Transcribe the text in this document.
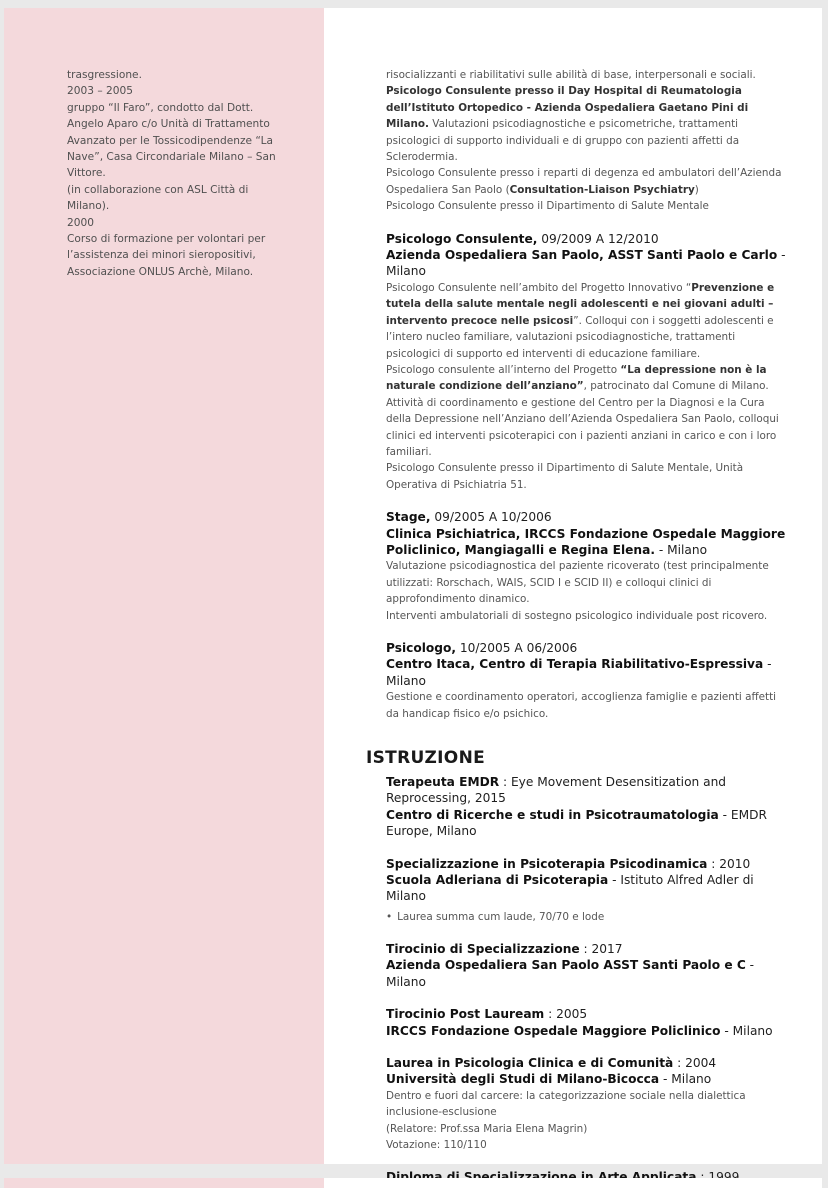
trasgressione.
2003 – 2005
gruppo “Il Faro”, condotto dal Dott.
Angelo Aparo c/o Unità di Trattamento
Avanzato per le Tossicodipendenze “La
Nave”, Casa Circondariale Milano – San
Vittore.
(in collaborazione con ASL Città di
Milano).
2000
Corso di formazione per volontari per
l’assistenza dei minori sieropositivi,
Associazione ONLUS Archè, Milano.
risocializzanti e riabilitativi sulle abilità di base, interpersonali e sociali.
Psicologo Consulente presso il Day Hospital di Reumatologia dell’Istituto Ortopedico - Azienda Ospedaliera Gaetano Pini di Milano. Valutazioni psicodiagnostiche e psicometriche, trattamenti psicologici di supporto individuali e di gruppo con pazienti affetti da Sclerodermia.
Psicologo Consulente presso i reparti di degenza ed ambulatori dell’Azienda Ospedaliera San Paolo (Consultation-Liaison Psychiatry)
Psicologo Consulente presso il Dipartimento di Salute Mentale
Psicologo Consulente, 09/2009 A 12/2010
Azienda Ospedaliera San Paolo, ASST Santi Paolo e Carlo - Milano
Psicologo Consulente nell’ambito del Progetto Innovativo “Prevenzione e tutela della salute mentale negli adolescenti e nei giovani adulti – intervento precoce nelle psicosi”. Colloqui con i soggetti adolescenti e l’intero nucleo familiare, valutazioni psicodiagnostiche, trattamenti psicologici di supporto ed interventi di educazione familiare.
Psicologo consulente all’interno del Progetto “La depressione non è la naturale condizione dell’anziano”, patrocinato dal Comune di Milano.
Attività di coordinamento e gestione del Centro per la Diagnosi e la Cura della Depressione nell’Anziano dell’Azienda Ospedaliera San Paolo, colloqui clinici ed interventi psicoterapici con i pazienti anziani in carico e con i loro familiari.
Psicologo Consulente presso il Dipartimento di Salute Mentale, Unità Operativa di Psichiatria 51.
Stage, 09/2005 A 10/2006
Clinica Psichiatrica, IRCCS Fondazione Ospedale Maggiore Policlinico, Mangiagalli e Regina Elena. - Milano
Valutazione psicodiagnostica del paziente ricoverato (test principalmente utilizzati: Rorschach, WAIS, SCID I e SCID II) e colloqui clinici di approfondimento dinamico.
Interventi ambulatoriali di sostegno psicologico individuale post ricovero.
Psicologo, 10/2005 A 06/2006
Centro Itaca, Centro di Terapia Riabilitativo-Espressiva - Milano
Gestione e coordinamento operatori, accoglienza famiglie e pazienti affetti da handicap fisico e/o psichico.
ISTRUZIONE
Terapeuta EMDR : Eye Movement Desensitization and Reprocessing, 2015
Centro di Ricerche e studi in Psicotraumatologia - EMDR Europe, Milano
Specializzazione in Psicoterapia Psicodinamica : 2010
Scuola Adleriana di Psicoterapia - Istituto Alfred Adler di Milano
• Laurea summa cum laude, 70/70 e lode
Tirocinio di Specializzazione : 2017
Azienda Ospedaliera San Paolo ASST Santi Paolo e C - Milano
Tirocinio Post Lauream : 2005
IRCCS Fondazione Ospedale Maggiore Policlinico - Milano
Laurea in Psicologia Clinica e di Comunità : 2004
Università degli Studi di Milano-Bicocca - Milano
Dentro e fuori dal carcere: la categorizzazione sociale nella dialettica inclusione-esclusione
(Relatore: Prof.ssa Maria Elena Magrin)
Votazione: 110/110
